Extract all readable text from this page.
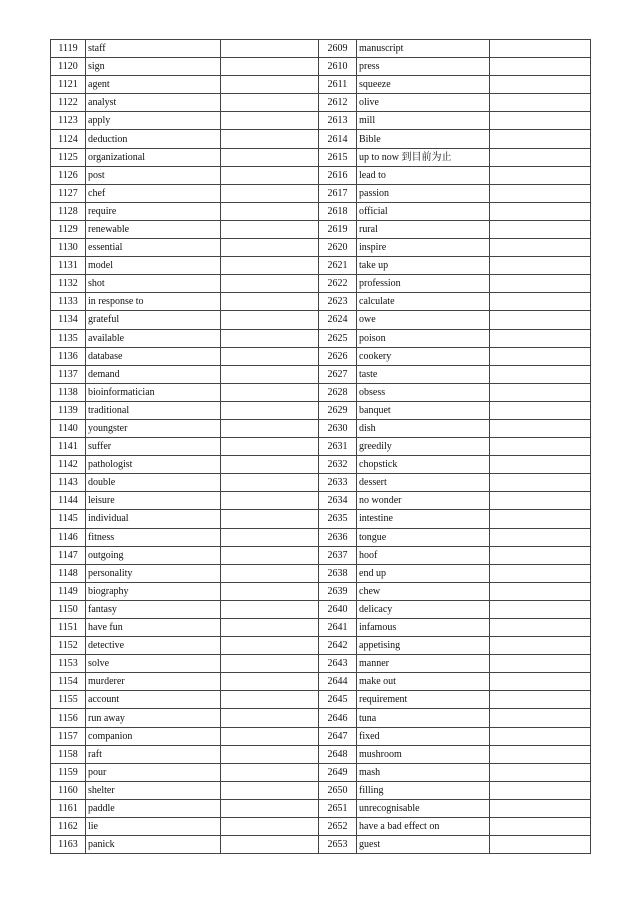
1119	staff		2609	manuscript	
1120	sign		2610	press	
1121	agent		2611	squeeze	
1122	analyst		2612	olive	
1123	apply		2613	mill	
1124	deduction		2614	Bible	
1125	organizational		2615	up to now 到目前为止	
1126	post		2616	lead to	
1127	chef		2617	passion	
1128	require		2618	official	
1129	renewable		2619	rural	
1130	essential		2620	inspire	
1131	model		2621	take up	
1132	shot		2622	profession	
1133	in response to		2623	calculate	
1134	grateful		2624	owe	
1135	available		2625	poison	
1136	database		2626	cookery	
1137	demand		2627	taste	
1138	bioinformatician		2628	obsess	
1139	traditional		2629	banquet	
1140	youngster		2630	dish	
1141	suffer		2631	greedily	
1142	pathologist		2632	chopstick	
1143	double		2633	dessert	
1144	leisure		2634	no wonder	
1145	individual		2635	intestine	
1146	fitness		2636	tongue	
1147	outgoing		2637	hoof	
1148	personality		2638	end up	
1149	biography		2639	chew	
1150	fantasy		2640	delicacy	
1151	have fun		2641	infamous	
1152	detective		2642	appetising	
1153	solve		2643	manner	
1154	murderer		2644	make out	
1155	account		2645	requirement	
1156	run away		2646	tuna	
1157	companion		2647	fixed	
1158	raft		2648	mushroom	
1159	pour		2649	mash	
1160	shelter		2650	filling	
1161	paddle		2651	unrecognisable	
1162	lie		2652	have a bad effect on	
1163	panick		2653	guest	
